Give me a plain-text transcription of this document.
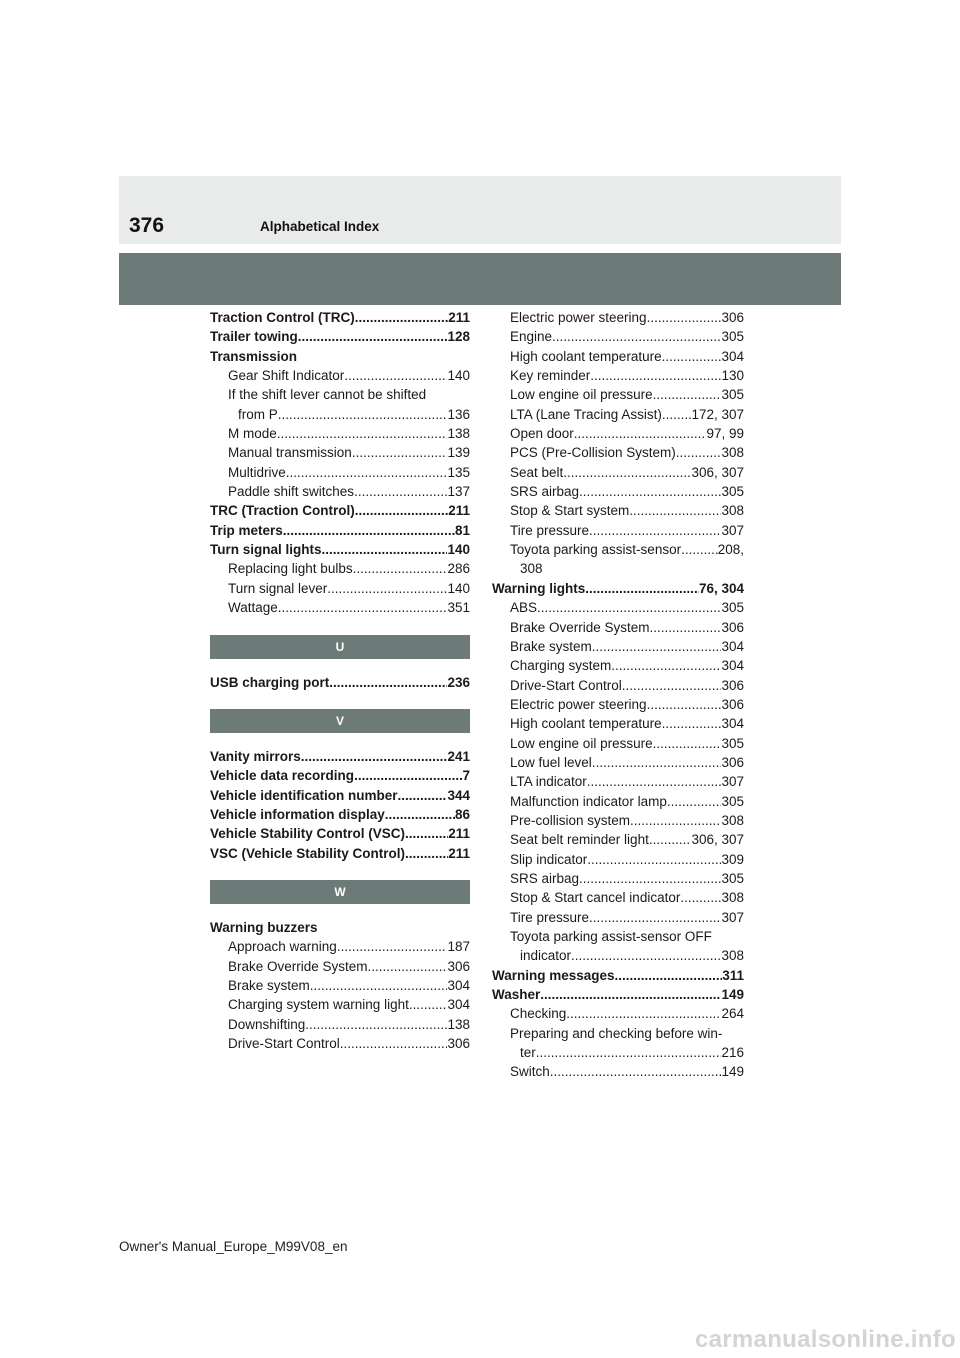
376	Alphabetical Index
Traction Control (TRC) .....	211
Trailer towing .....	128
Transmission
Gear Shift Indicator .....	140
If the shift lever cannot be shifted
from P .....	136
M mode .....	138
Manual transmission .....	139
Multidrive .....	135
Paddle shift switches .....	137
TRC (Traction Control) .....	211
Trip meters .....	81
Turn signal lights .....	140
Replacing light bulbs .....	286
Turn signal lever .....	140
Wattage .....	351
U
USB charging port .....	236
V
Vanity mirrors .....	241
Vehicle data recording .....	7
Vehicle identification number .....	344
Vehicle information display .....	86
Vehicle Stability Control (VSC) .....	211
VSC (Vehicle Stability Control) .....	211
W
Warning buzzers
Approach warning .....	187
Brake Override System .....	306
Brake system .....	304
Charging system warning light .....	304
Downshifting .....	138
Drive-Start Control .....	306
Electric power steering .....	306
Engine .....	305
High coolant temperature .....	304
Key reminder .....	130
Low engine oil pressure .....	305
LTA (Lane Tracing Assist) ..... 172, 307
Open door .....	97, 99
PCS (Pre-Collision System) .....	308
Seat belt .....	306, 307
SRS airbag .....	305
Stop & Start system .....	308
Tire pressure .....	307
Toyota parking assist-sensor .....	208,
308
Warning lights .....	76, 304
ABS .....	305
Brake Override System .....	306
Brake system .....	304
Charging system .....	304
Drive-Start Control .....	306
Electric power steering .....	306
High coolant temperature .....	304
Low engine oil pressure .....	305
Low fuel level .....	306
LTA indicator .....	307
Malfunction indicator lamp .....	305
Pre-collision system .....	308
Seat belt reminder light .....	306, 307
Slip indicator .....	309
SRS airbag .....	305
Stop & Start cancel indicator .....	308
Tire pressure .....	307
Toyota parking assist-sensor OFF
indicator .....	308
Warning messages .....	311
Washer .....	149
Checking .....	264
Preparing and checking before win-
ter .....	216
Switch .....	149
Owner's Manual_Europe_M99V08_en
carmanualsonline.info
